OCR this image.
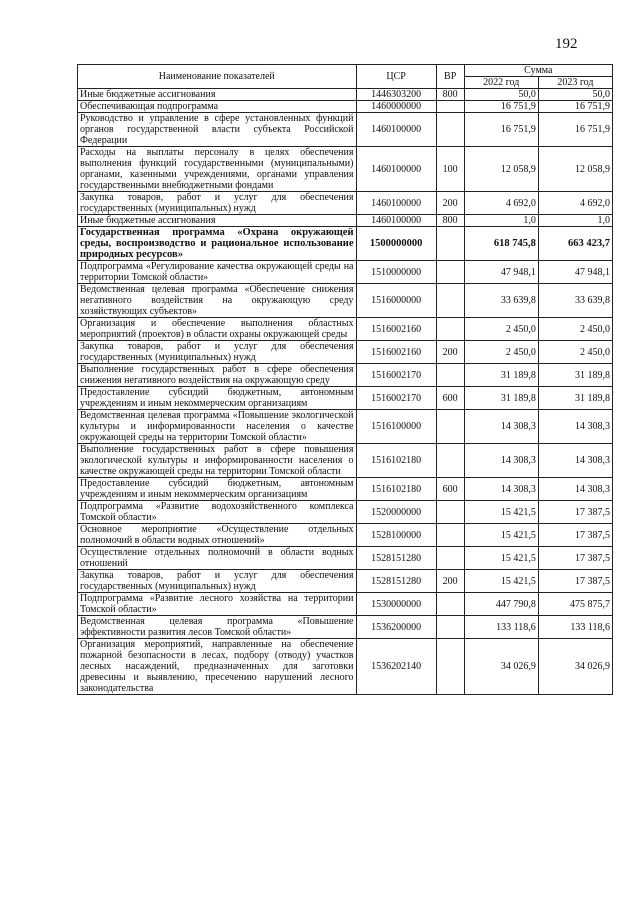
192
Наименование показателей	ЦСР	ВР	Сумма	
			2022 год	2023 год
Иные бюджетные ассигнования	1446303200	800	50,0	50,0
Обеспечивающая подпрограмма	1460000000		16 751,9	16 751,9
Руководство и управление в сфере установленных функций органов государственной власти субъекта Российской Федерации	1460100000		16 751,9	16 751,9
Расходы на выплаты персоналу в целях обеспечения выполнения функций государственными (муниципальными) органами, казенными учреждениями, органами управления государственными внебюджетными фондами	1460100000	100	12 058,9	12 058,9
Закупка товаров, работ и услуг для обеспечения государственных (муниципальных) нужд	1460100000	200	4 692,0	4 692,0
Иные бюджетные ассигнования	1460100000	800	1,0	1,0
Государственная программа «Охрана окружающей среды, воспроизводство и рациональное использование природных ресурсов»	1500000000		618 745,8	663 423,7
Подпрограмма «Регулирование качества окружающей среды на территории Томской области»	1510000000		47 948,1	47 948,1
Ведомственная целевая программа «Обеспечение снижения негативного воздействия на окружающую среду хозяйствующих субъектов»	1516000000		33 639,8	33 639,8
Организация и обеспечение выполнения областных мероприятий (проектов) в области охраны окружающей среды	1516002160		2 450,0	2 450,0
Закупка товаров, работ и услуг для обеспечения государственных (муниципальных) нужд	1516002160	200	2 450,0	2 450,0
Выполнение государственных работ в сфере обеспечения снижения негативного воздействия на окружающую среду	1516002170		31 189,8	31 189,8
Предоставление субсидий бюджетным, автономным учреждениям и иным некоммерческим организациям	1516002170	600	31 189,8	31 189,8
Ведомственная целевая программа «Повышение экологической культуры и информированности населения о качестве окружающей среды на территории Томской области»	1516100000		14 308,3	14 308,3
Выполнение государственных работ в сфере повышения экологической культуры и информированности населения о качестве окружающей среды на территории Томской области	1516102180		14 308,3	14 308,3
Предоставление субсидий бюджетным, автономным учреждениям и иным некоммерческим организациям	1516102180	600	14 308,3	14 308,3
Подпрограмма «Развитие водохозяйственного комплекса Томской области»	1520000000		15 421,5	17 387,5
Основное мероприятие «Осуществление отдельных полномочий в области водных отношений»	1528100000		15 421,5	17 387,5
Осуществление отдельных полномочий в области водных отношений	1528151280		15 421,5	17 387,5
Закупка товаров, работ и услуг для обеспечения государственных (муниципальных) нужд	1528151280	200	15 421,5	17 387,5
Подпрограмма «Развитие лесного хозяйства на территории Томской области»	1530000000		447 790,8	475 875,7
Ведомственная целевая программа «Повышение эффективности развития лесов Томской области»	1536200000		133 118,6	133 118,6
Организация мероприятий, направленные на обеспечение пожарной безопасности в лесах, подбору (отводу) участков лесных насаждений, предназначенных для заготовки древесины и выявлению, пресечению нарушений лесного законодательства	1536202140		34 026,9	34 026,9
